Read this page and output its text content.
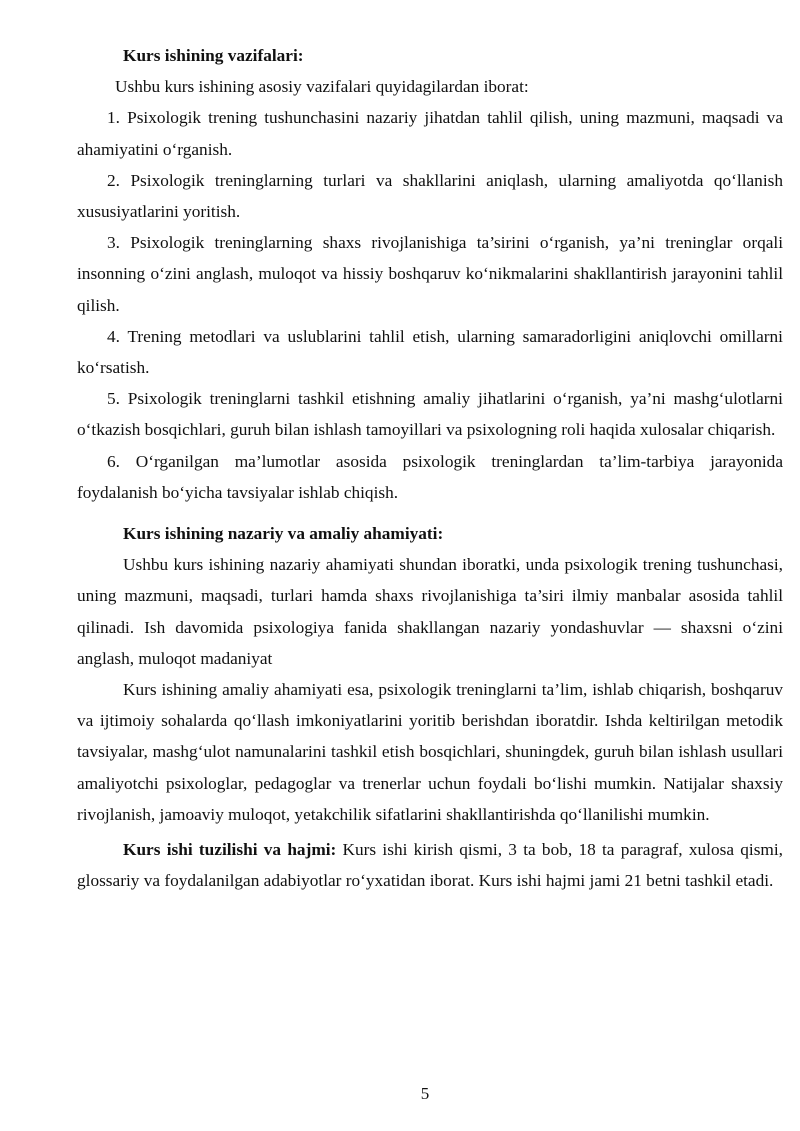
Kurs ishining vazifalari:

Ushbu kurs ishining asosiy vazifalari quyidagilardan iborat:

1. Psixologik trening tushunchasini nazariy jihatdan tahlil qilish, uning mazmuni, maqsadi va ahamiyatini o‘rganish.

2. Psixologik treninglarning turlari va shakllarini aniqlash, ularning amaliyotda qo‘llanish xususiyatlarini yoritish.

3. Psixologik treninglarning shaxs rivojlanishiga ta’sirini o‘rganish, ya’ni treninglar orqali insonning o‘zini anglash, muloqot va hissiy boshqaruv ko‘nikmalarini shakllantirish jarayonini tahlil qilish.

4. Trening metodlari va uslublarini tahlil etish, ularning samaradorligini aniqlovchi omillarni ko‘rsatish.

5. Psixologik treninglarni tashkil etishning amaliy jihatlarini o‘rganish, ya’ni mashg‘ulotlarni o‘tkazish bosqichlari, guruh bilan ishlash tamoyillari va psixologning roli haqida xulosalar chiqarish.

6. O‘rganilgan ma’lumotlar asosida psixologik treninglardan ta’lim-tarbiya jarayonida foydalanish bo‘yicha tavsiyalar ishlab chiqish.

Kurs ishining nazariy va amaliy ahamiyati:

Ushbu kurs ishining nazariy ahamiyati shundan iboratki, unda psixologik trening tushunchasi, uning mazmuni, maqsadi, turlari hamda shaxs rivojlanishiga ta’siri ilmiy manbalar asosida tahlil qilinadi. Ish davomida psixologiya fanida shakllangan nazariy yondashuvlar — shaxsni o‘zini anglash, muloqot madaniyat

Kurs ishining amaliy ahamiyati esa, psixologik treninglarni ta’lim, ishlab chiqarish, boshqaruv va ijtimoiy sohalarda qo‘llash imkoniyatlarini yoritib berishdan iboratdir. Ishda keltirilgan metodik tavsiyalar, mashg‘ulot namunalarini tashkil etish bosqichlari, shuningdek, guruh bilan ishlash usullari amaliyotchi psixologlar, pedagoglar va trenerlar uchun foydali bo‘lishi mumkin. Natijalar shaxsiy rivojlanish, jamoaviy muloqot, yetakchilik sifatlarini shakllantirishda qo‘llanilishi mumkin.

Kurs ishi tuzilishi va hajmi: Kurs ishi kirish qismi, 3 ta bob, 18 ta paragraf, xulosa qismi, glossariy va foydalanilgan adabiyotlar ro‘yxatidan iborat. Kurs ishi hajmi jami 21 betni tashkil etadi.

5
